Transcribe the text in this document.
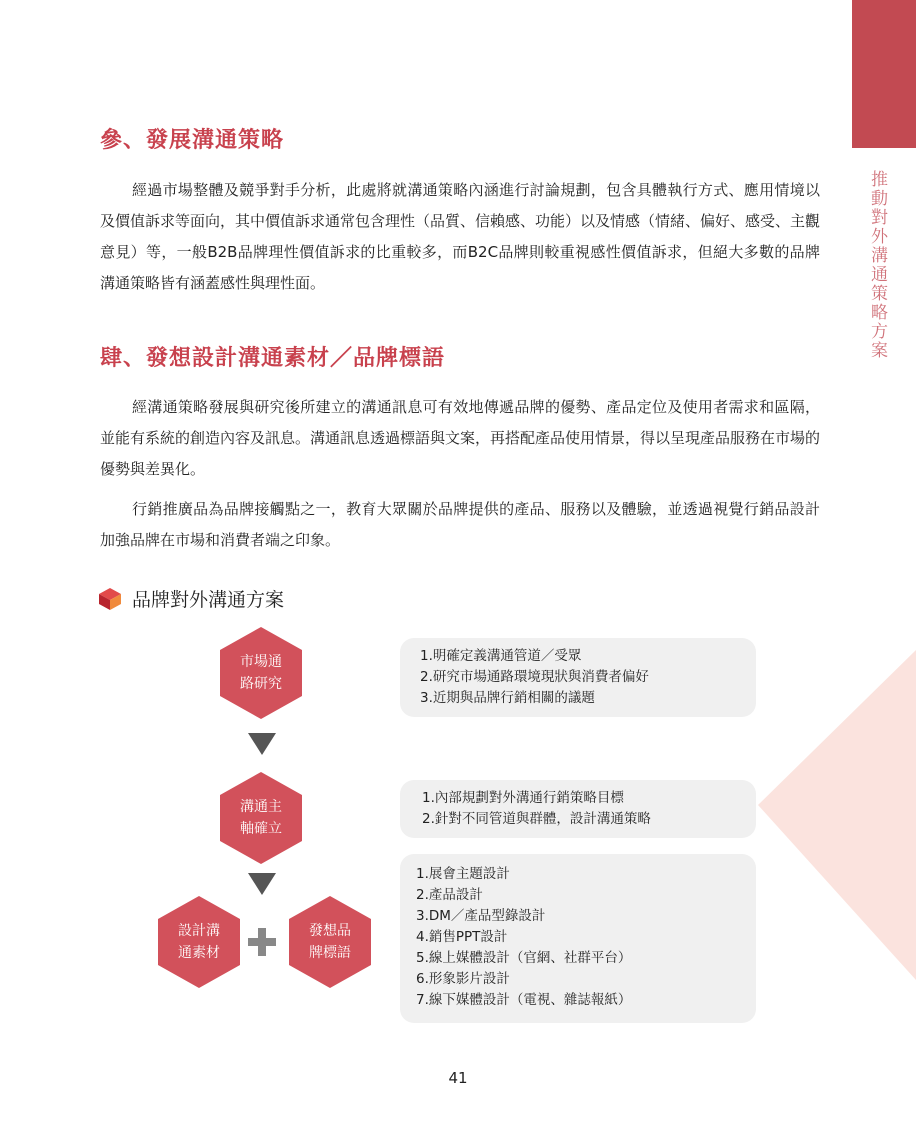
推動對外溝通策略方案
參、發展溝通策略

經過市場整體及競爭對手分析，此處將就溝通策略內涵進行討論規劃，包含具體執行方式、應用情境以及價值訴求等面向，其中價值訴求通常包含理性（品質、信賴感、功能）以及情感（情緒、偏好、感受、主觀意見）等，一般B2B品牌理性價值訴求的比重較多，而B2C品牌則較重視感性價值訴求，但絕大多數的品牌溝通策略皆有涵蓋感性與理性面。

肆、發想設計溝通素材／品牌標語

經溝通策略發展與研究後所建立的溝通訊息可有效地傳遞品牌的優勢、產品定位及使用者需求和區隔，並能有系統的創造內容及訊息。溝通訊息透過標語與文案，再搭配產品使用情景，得以呈現產品服務在市場的優勢與差異化。

行銷推廣品為品牌接觸點之一，教育大眾關於品牌提供的產品、服務以及體驗，並透過視覺行銷品設計加強品牌在市場和消費者端之印象。

品牌對外溝通方案
市場通
路研究
溝通主
軸確立
設計溝
通素材
發想品
牌標語
1.明確定義溝通管道／受眾
2.研究市場通路環境現狀與消費者偏好
3.近期與品牌行銷相關的議題
1.內部規劃對外溝通行銷策略目標
2.針對不同管道與群體，設計溝通策略
1.展會主題設計
2.產品設計
3.DM／產品型錄設計
4.銷售PPT設計
5.線上媒體設計（官網、社群平台）
6.形象影片設計
7.線下媒體設計（電視、雜誌報紙）
41
